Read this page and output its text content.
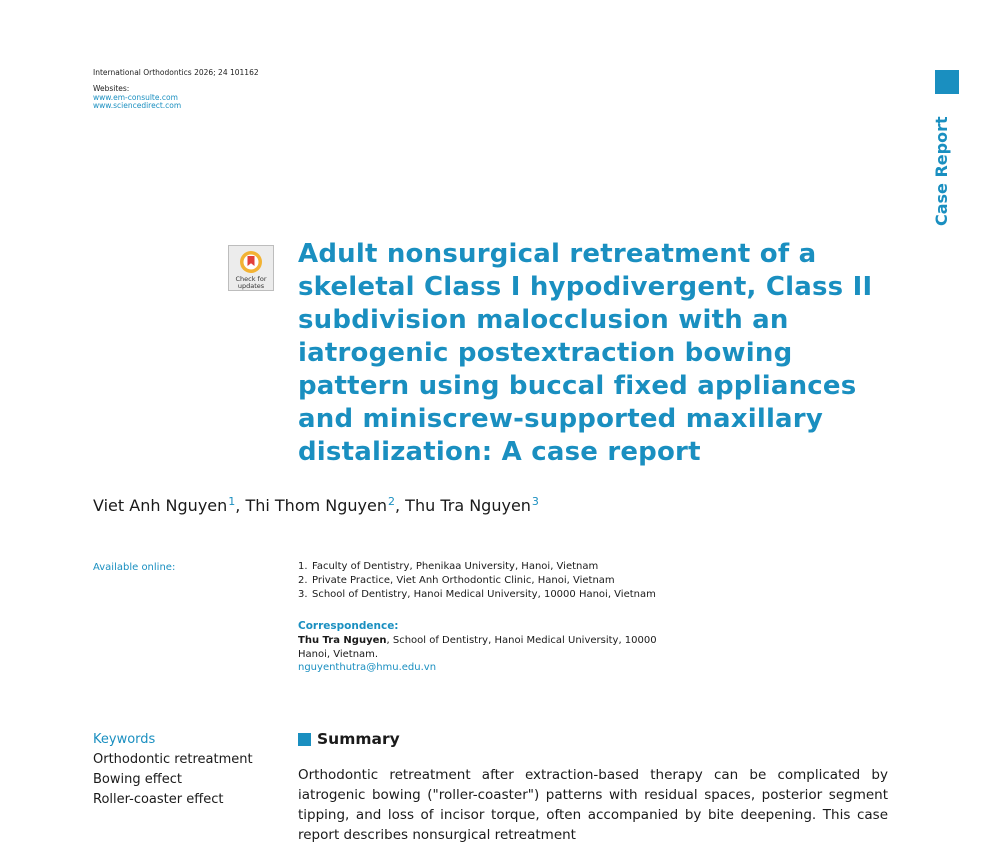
International Orthodontics 2026; 24 101162
Websites:
www.em-consulte.com
www.sciencedirect.com
Case Report
Check for updates
Adult nonsurgical retreatment of a skeletal Class I hypodivergent, Class II subdivision malocclusion with an iatrogenic postextraction bowing pattern using buccal fixed appliances and miniscrew-supported maxillary distalization: A case report
Viet Anh Nguyen$^1$, Thi Thom Nguyen$^2$, Thu Tra Nguyen$^3$
Available online:	1. Faculty of Dentistry, Phenikaa University, Hanoi, Vietnam
2. Private Practice, Viet Anh Orthodontic Clinic, Hanoi, Vietnam
3. School of Dentistry, Hanoi Medical University, 10000 Hanoi, Vietnam
Correspondence:
Thu Tra Nguyen, School of Dentistry, Hanoi Medical University, 10000 Hanoi, Vietnam.
nguyenthutra@hmu.edu.vn
Keywords
Orthodontic retreatment
Bowing effect
Roller-coaster effect
Summary

Orthodontic retreatment after extraction-based therapy can be complicated by iatrogenic bowing ("roller-coaster") patterns with residual spaces, posterior segment tipping, and loss of incisor torque, often accompanied by bite deepening. This case report describes nonsurgical retreatment
